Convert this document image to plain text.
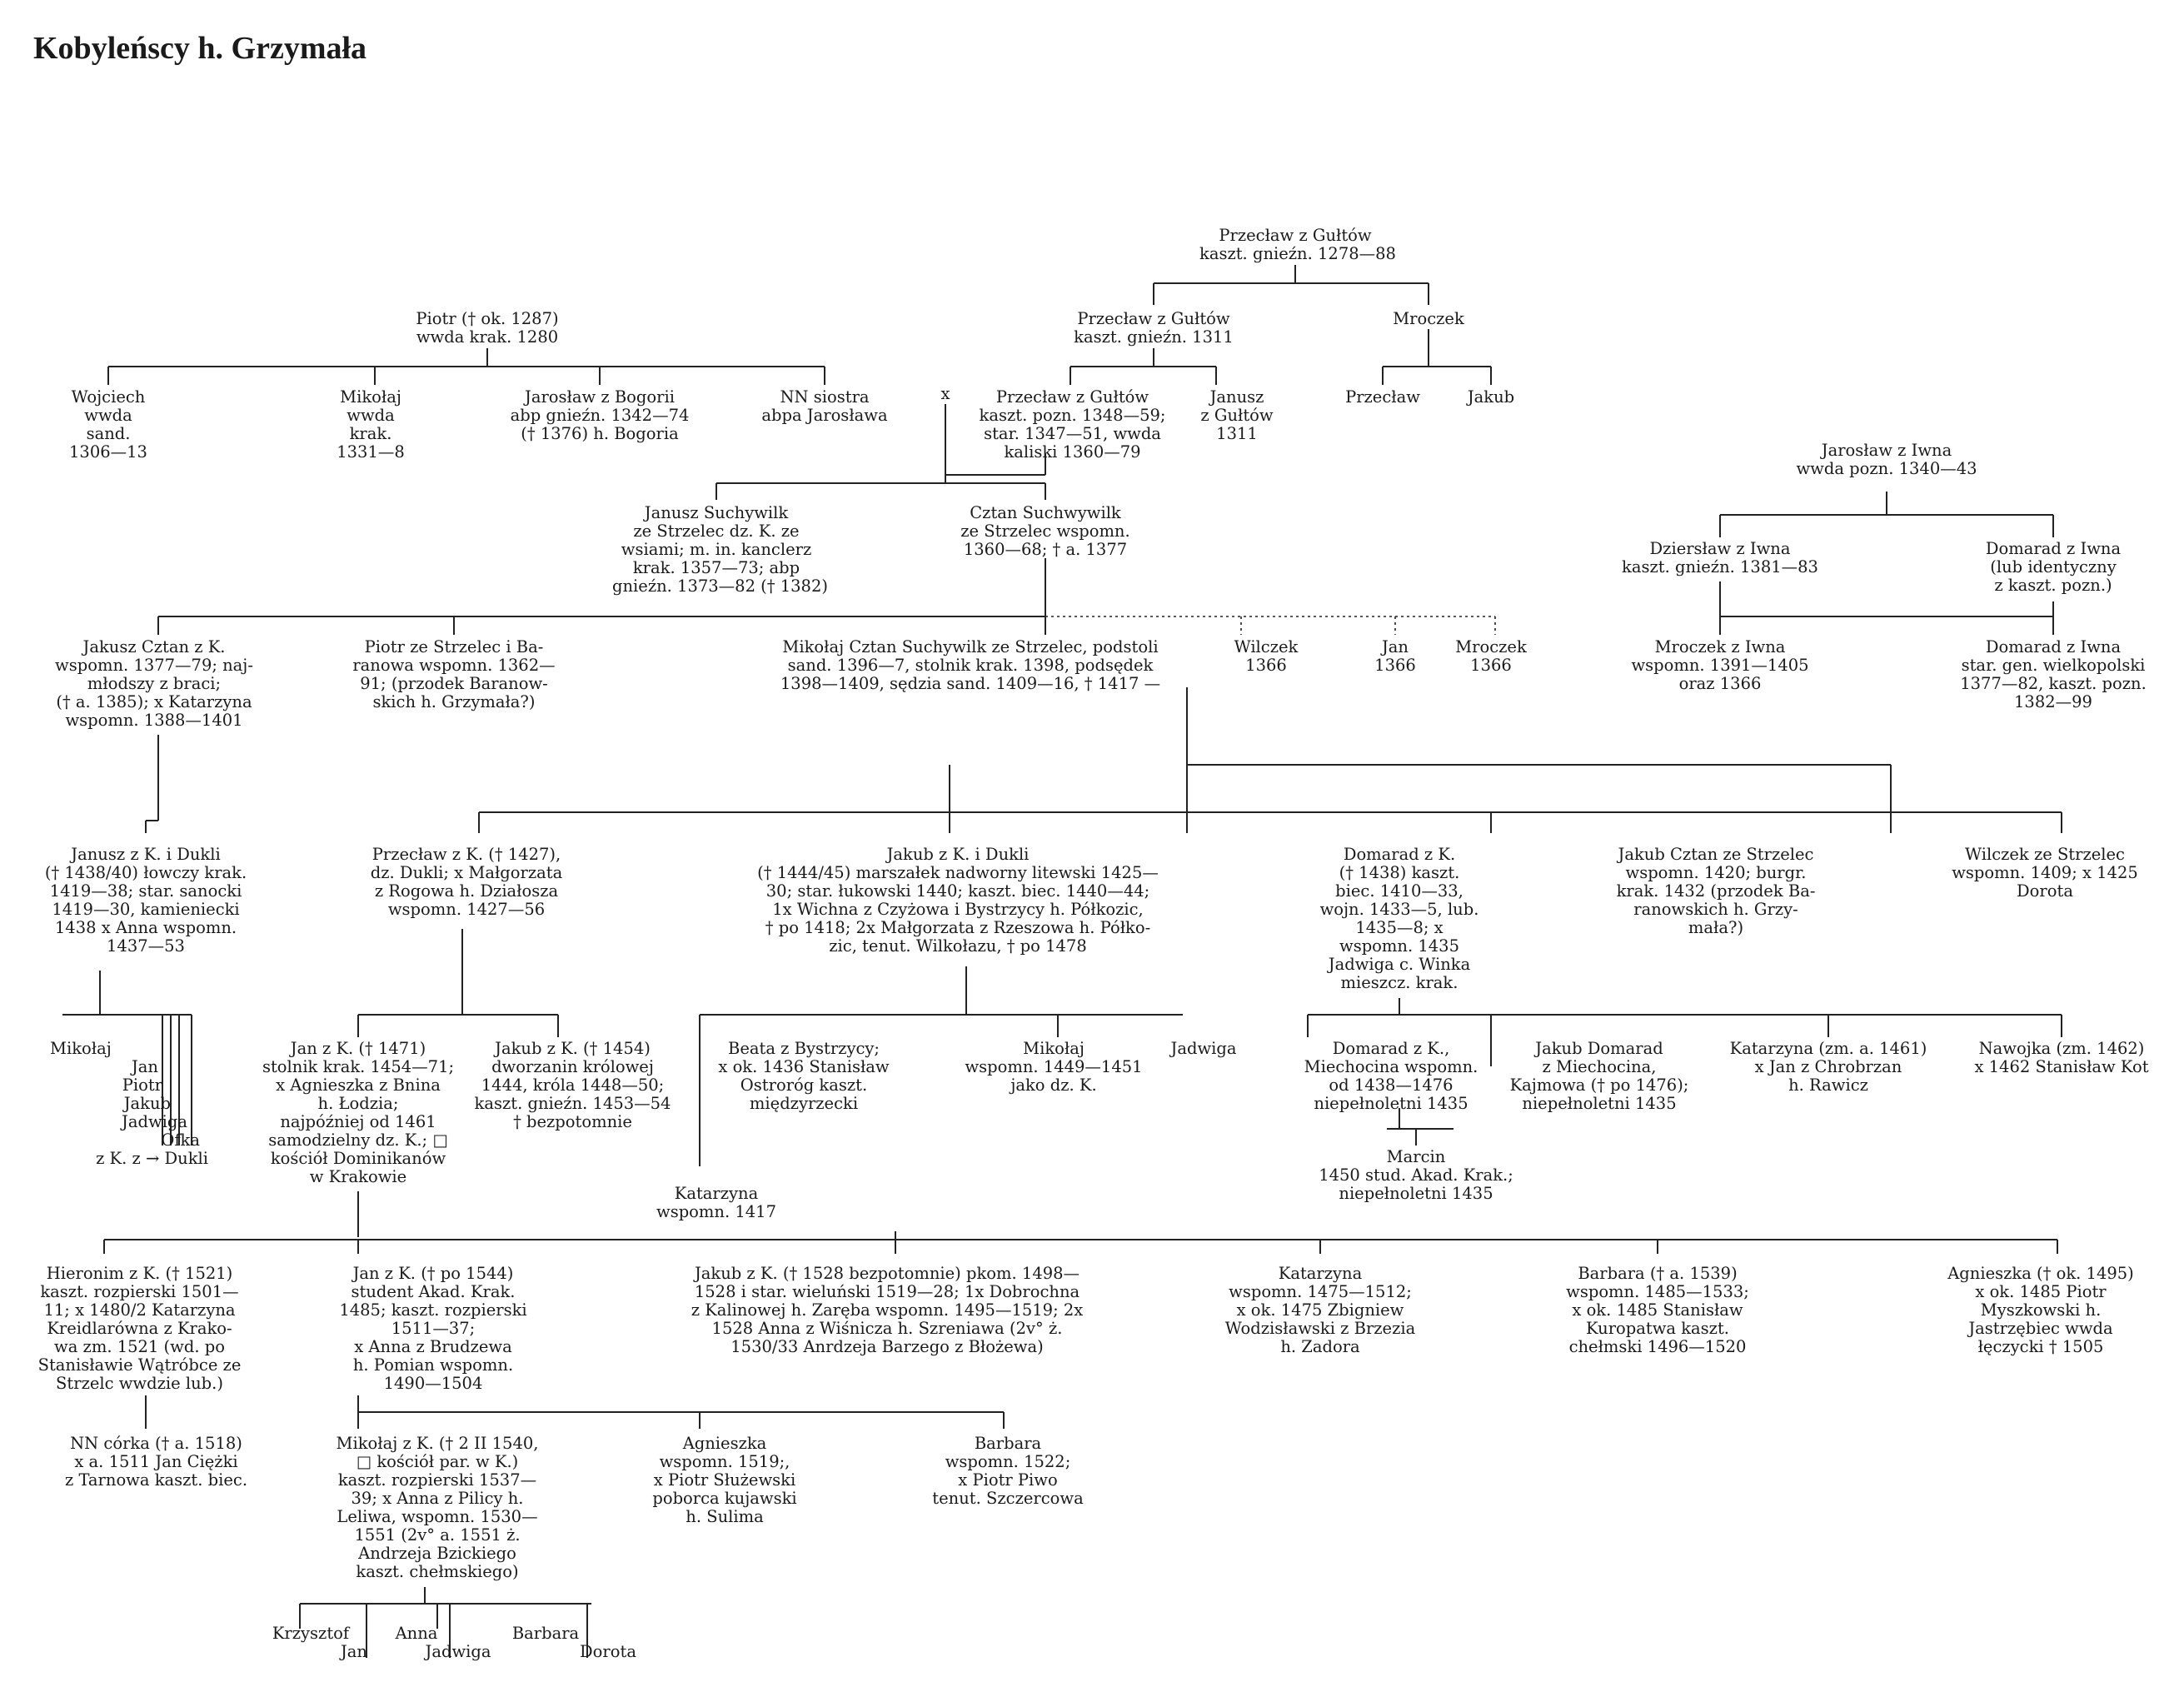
Kobyleńscy h. Grzymała
Przecław z Gułtów
kaszt. gnieźn. 1278—88
Piotr († ok. 1287)
wwda krak. 1280
Przecław z Gułtów
kaszt. gnieźn. 1311
Mroczek
Wojciech
wwda
sand.
1306—13
Mikołaj
wwda
krak.
1331—8
Jarosław z Bogorii
abp gnieźn. 1342—74
(† 1376) h. Bogoria
NN siostra
abpa Jarosława
x	Przecław z Gułtów
kaszt. pozn. 1348—59;
star. 1347—51, wwda
kaliski 1360—79
Janusz
z Gułtów
1311
Przecław	Jakub
Jarosław z Iwna
wwda pozn. 1340—43
Janusz Suchywilk
ze Strzelec dz. K. ze
wsiami; m. in. kanclerz
krak. 1357—73; abp
gnieźn. 1373—82 († 1382)
Cztan Suchwywilk
ze Strzelec wspomn.
1360—68; † a. 1377	Dziersław z Iwna
kaszt. gnieźn. 1381—83
Domarad z Iwna
(lub identyczny
z kaszt. pozn.)
Jakusz Cztan z K.
wspomn. 1377—79; naj-
młodszy z braci;
(† a. 1385); x Katarzyna
wspomn. 1388—1401
Piotr ze Strzelec i Ba-
ranowa wspomn. 1362—
91; (przodek Baranow-
skich h. Grzymała?)
Mikołaj Cztan Suchywilk ze Strzelec, podstoli
sand. 1396—7, stolnik krak. 1398, podsędek
1398—1409, sędzia sand. 1409—16, † 1417 —
Wilczek
1366
Jan
1366
Mroczek
1366
Mroczek z Iwna
wspomn. 1391—1405
oraz 1366
Domarad z Iwna
star. gen. wielkopolski
1377—82, kaszt. pozn.
1382—99
Janusz z K. i Dukli
(† 1438/40) łowczy krak.
1419—38; star. sanocki
1419—30, kamieniecki
1438 x Anna wspomn.
1437—53
Przecław z K. († 1427),
dz. Dukli; x Małgorzata
z Rogowa h. Działosza
wspomn. 1427—56
Jakub z K. i Dukli
(† 1444/45) marszałek nadworny litewski 1425—
30; star. łukowski 1440; kaszt. biec. 1440—44;
1x Wichna z Czyżowa i Bystrzycy h. Półkozic,
† po 1418; 2x Małgorzata z Rzeszowa h. Półko-
zic, tenut. Wilkołazu, † po 1478
Domarad z K.
(† 1438) kaszt.
biec. 1410—33,
wojn. 1433—5, lub.
1435—8; x
wspomn. 1435
Jadwiga c. Winka
mieszcz. krak.
Jakub Cztan ze Strzelec
wspomn. 1420; burgr.
krak. 1432 (przodek Ba-
ranowskich h. Grzy-
mała?)
Wilczek ze Strzelec
wspomn. 1409; x 1425
Dorota
Mikołaj
Jan
Piotr
Jakub
Jadwiga
Ofka
z K. z → Dukli
Jan z K. († 1471)
stolnik krak. 1454—71;
x Agnieszka z Bnina
h. Łodzia;
najpóźniej od 1461
samodzielny dz. K.; □
kościół Dominikanów
w Krakowie
Jakub z K. († 1454)
dworzanin królowej
1444, króla 1448—50;
kaszt. gnieźn. 1453—54
† bezpotomnie
Beata z Bystrzycy;
x ok. 1436 Stanisław
Ostroróg kaszt.
międzyrzecki
Mikołaj
wspomn. 1449—1451
jako dz. K.
Jadwiga	Domarad z K.,
Miechocina wspomn.
od 1438—1476
niepełnoletni 1435
Jakub Domarad
z Miechocina,
Kajmowa († po 1476);
niepełnoletni 1435
Katarzyna (zm. a. 1461)
x Jan z Chrobrzan
h. Rawicz
Nawojka (zm. 1462)
x 1462 Stanisław Kot
Katarzyna
wspomn. 1417
Marcin
1450 stud. Akad. Krak.;
niepełnoletni 1435
Hieronim z K. († 1521)
kaszt. rozpierski 1501—
11; x 1480/2 Katarzyna
Kreidlarówna z Krako-
wa zm. 1521 (wd. po
Stanisławie Wątróbce ze
Strzelc wwdzie lub.)
Jan z K. († po 1544)
student Akad. Krak.
1485; kaszt. rozpierski
1511—37;
x Anna z Brudzewa
h. Pomian wspomn.
1490—1504
Jakub z K. († 1528 bezpotomnie) pkom. 1498—
1528 i star. wieluński 1519—28; 1x Dobrochna
z Kalinowej h. Zaręba wspomn. 1495—1519; 2x
1528 Anna z Wiśnicza h. Szreniawa (2v° ż.
1530/33 Anrdzeja Barzego z Błożewa)
Katarzyna
wspomn. 1475—1512;
x ok. 1475 Zbigniew
Wodzisławski z Brzezia
h. Zadora
Barbara († a. 1539)
wspomn. 1485—1533;
x ok. 1485 Stanisław
Kuropatwa kaszt.
chełmski 1496—1520
Agnieszka († ok. 1495)
x ok. 1485 Piotr
Myszkowski h.
Jastrzębiec wwda
łęczycki † 1505
NN córka († a. 1518)
x a. 1511 Jan Ciężki
z Tarnowa kaszt. biec.
Mikołaj z K. († 2 II 1540,
□ kościół par. w K.)
kaszt. rozpierski 1537—
39; x Anna z Pilicy h.
Leliwa, wspomn. 1530—
1551 (2v° a. 1551 ż.
Andrzeja Bzickiego
kaszt. chełmskiego)
Agnieszka
wspomn. 1519;,
x Piotr Służewski
poborca kujawski
h. Sulima
Barbara
wspomn. 1522;
x Piotr Piwo
tenut. Szczercowa
Krzysztof
Jan
Anna
Jadwiga
Barbara
Dorota
